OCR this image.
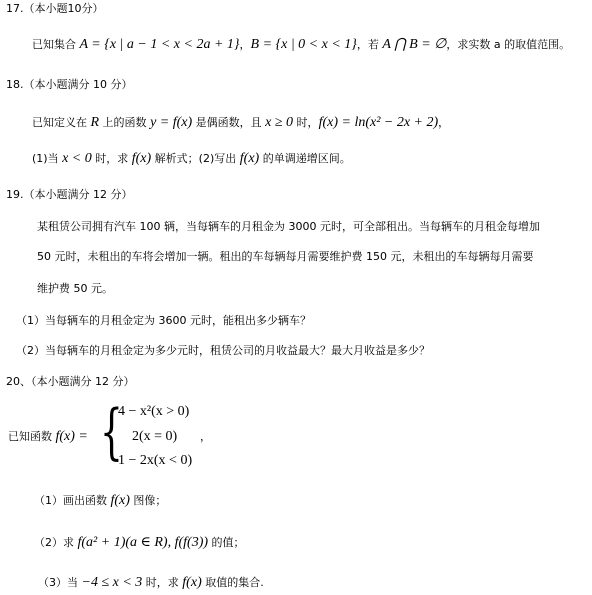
17.（本小题10分）
已知集合 A = {x | a − 1 < x < 2a + 1}，B = {x | 0 < x < 1}，若 A ⋂ B = ∅，求实数 a 的取值范围。
18.（本小题满分 10 分）
已知定义在 R 上的函数 y = f(x) 是偶函数，且 x ≥ 0 时，f(x) = ln(x² − 2x + 2)，
(1)当 x < 0 时，求 f(x) 解析式；(2)写出 f(x) 的单调递增区间。
19.（本小题满分 12 分）
某租赁公司拥有汽车 100 辆，当每辆车的月租金为 3000 元时，可全部租出。当每辆车的月租金每增加
50 元时，未租出的车将会增加一辆。租出的车每辆每月需要维护费 150 元，未租出的车每辆每月需要
维护费 50 元。
（1）当每辆车的月租金定为 3600 元时，能租出多少辆车？
（2）当每辆车的月租金定为多少元时，租赁公司的月收益最大？最大月收益是多少？
20、（本小题满分 12 分）
已知函数 f(x) = {
4 − x²(x > 0)
2(x = 0)
1 − 2x(x < 0)
，
（1）画出函数 f(x) 图像；
（2）求 f(a² + 1)(a ∈ R), f(f(3)) 的值；
（3）当 −4 ≤ x < 3 时，求 f(x) 取值的集合.
